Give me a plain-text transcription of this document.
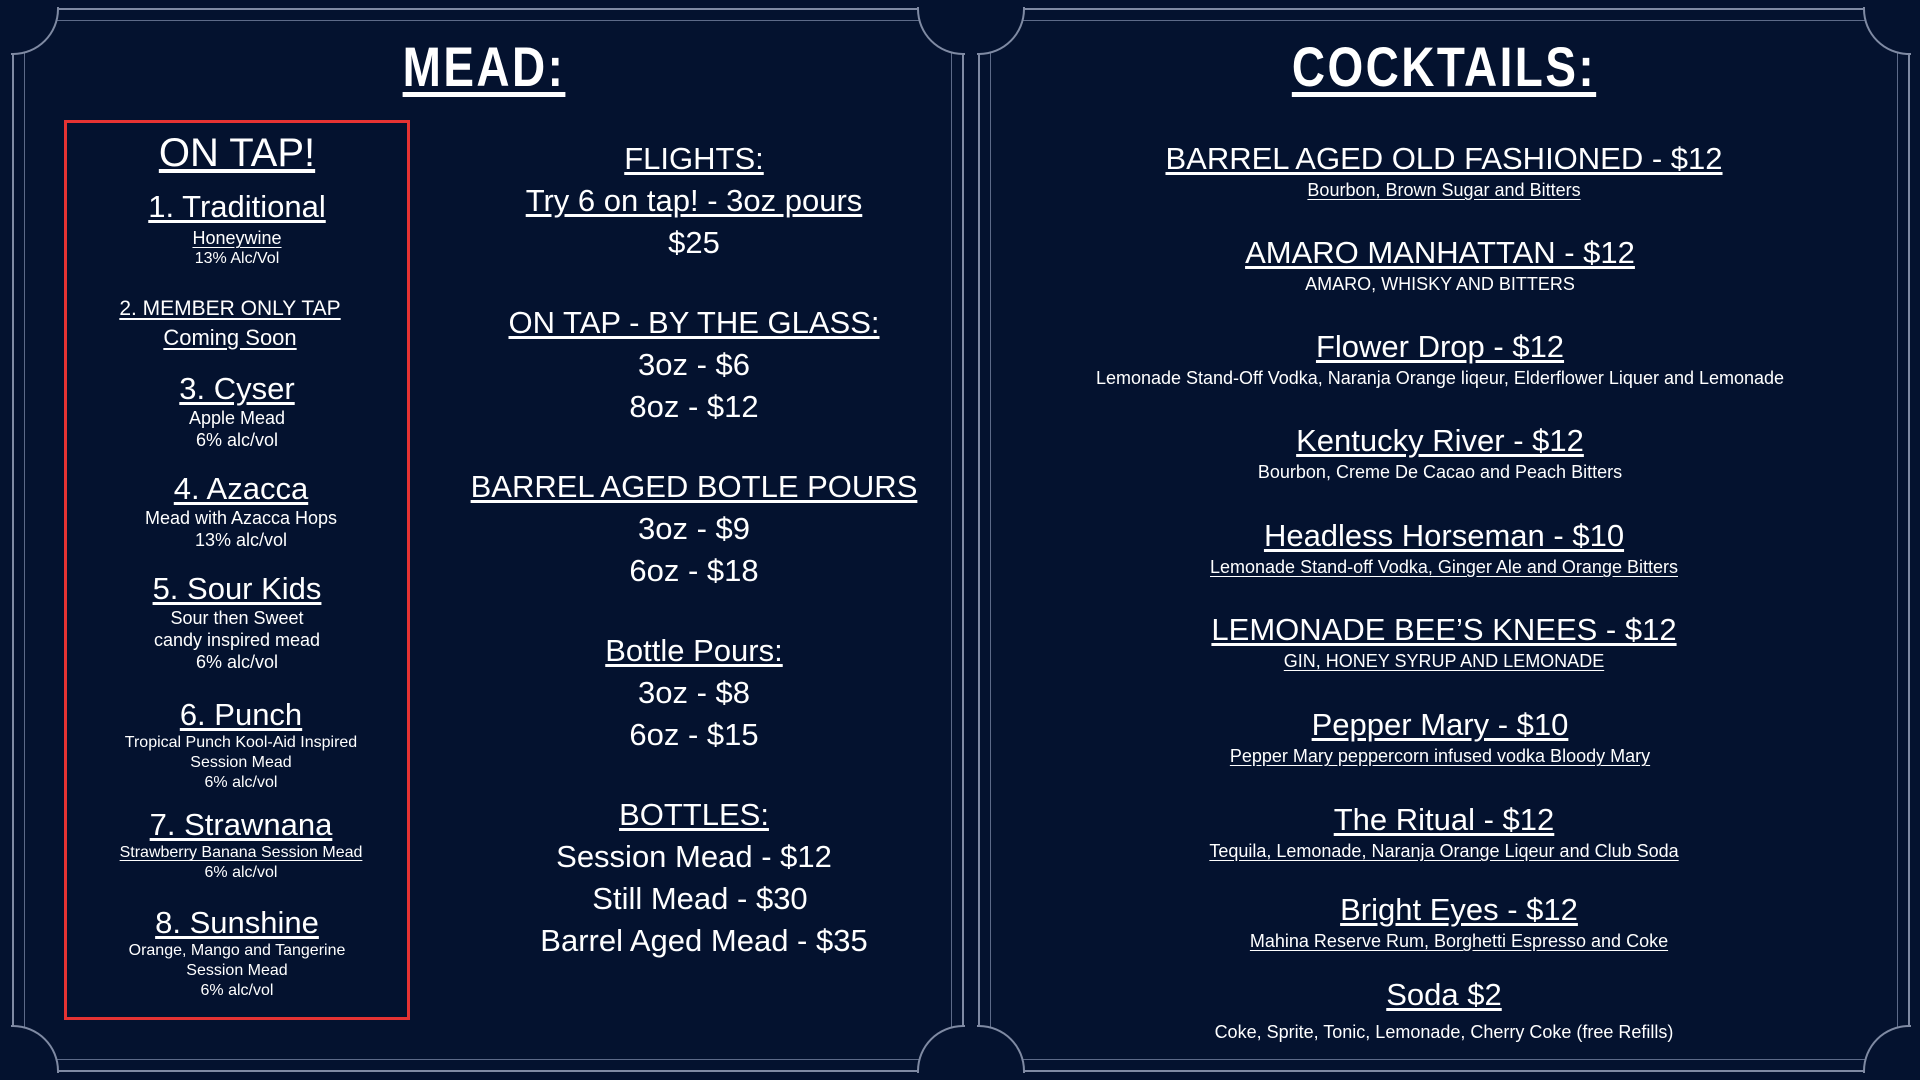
MEAD:
ON TAP!
1. Traditional
Honeywine
13% Alc/Vol
2. MEMBER ONLY TAP
Coming Soon
3. Cyser
Apple Mead
6% alc/vol
4. Azacca
Mead with Azacca Hops
13% alc/vol
5. Sour Kids
Sour then Sweet
candy inspired mead
6% alc/vol
6. Punch
Tropical Punch Kool-Aid Inspired
Session Mead
6% alc/vol
7. Strawnana
Strawberry Banana Session Mead
6% alc/vol
8. Sunshine
Orange, Mango and Tangerine
Session Mead
6% alc/vol
FLIGHTS:
Try 6 on tap! - 3oz pours
$25
ON TAP - BY THE GLASS:
3oz - $6
8oz - $12
BARREL AGED BOTLE POURS
3oz - $9
6oz - $18
Bottle Pours:
3oz - $8
6oz - $15
BOTTLES:
Session Mead - $12
Still Mead - $30
Barrel Aged Mead - $35
COCKTAILS:
BARREL AGED OLD FASHIONED - $12
Bourbon, Brown Sugar and Bitters
AMARO MANHATTAN - $12
AMARO, WHISKY AND BITTERS
Flower Drop - $12
Lemonade Stand-Off Vodka, Naranja Orange liqeur, Elderflower Liquer and Lemonade
Kentucky River - $12
Bourbon, Creme De Cacao and Peach Bitters
Headless Horseman - $10
Lemonade Stand-off Vodka, Ginger Ale and Orange Bitters
LEMONADE BEE’S KNEES - $12
GIN, HONEY SYRUP AND LEMONADE
Pepper Mary - $10
Pepper Mary peppercorn infused vodka Bloody Mary
The Ritual - $12
Tequila, Lemonade, Naranja Orange Liqeur and Club Soda
Bright Eyes - $12
Mahina Reserve Rum, Borghetti Espresso and Coke
Soda $2
Coke, Sprite, Tonic, Lemonade, Cherry Coke (free Refills)
